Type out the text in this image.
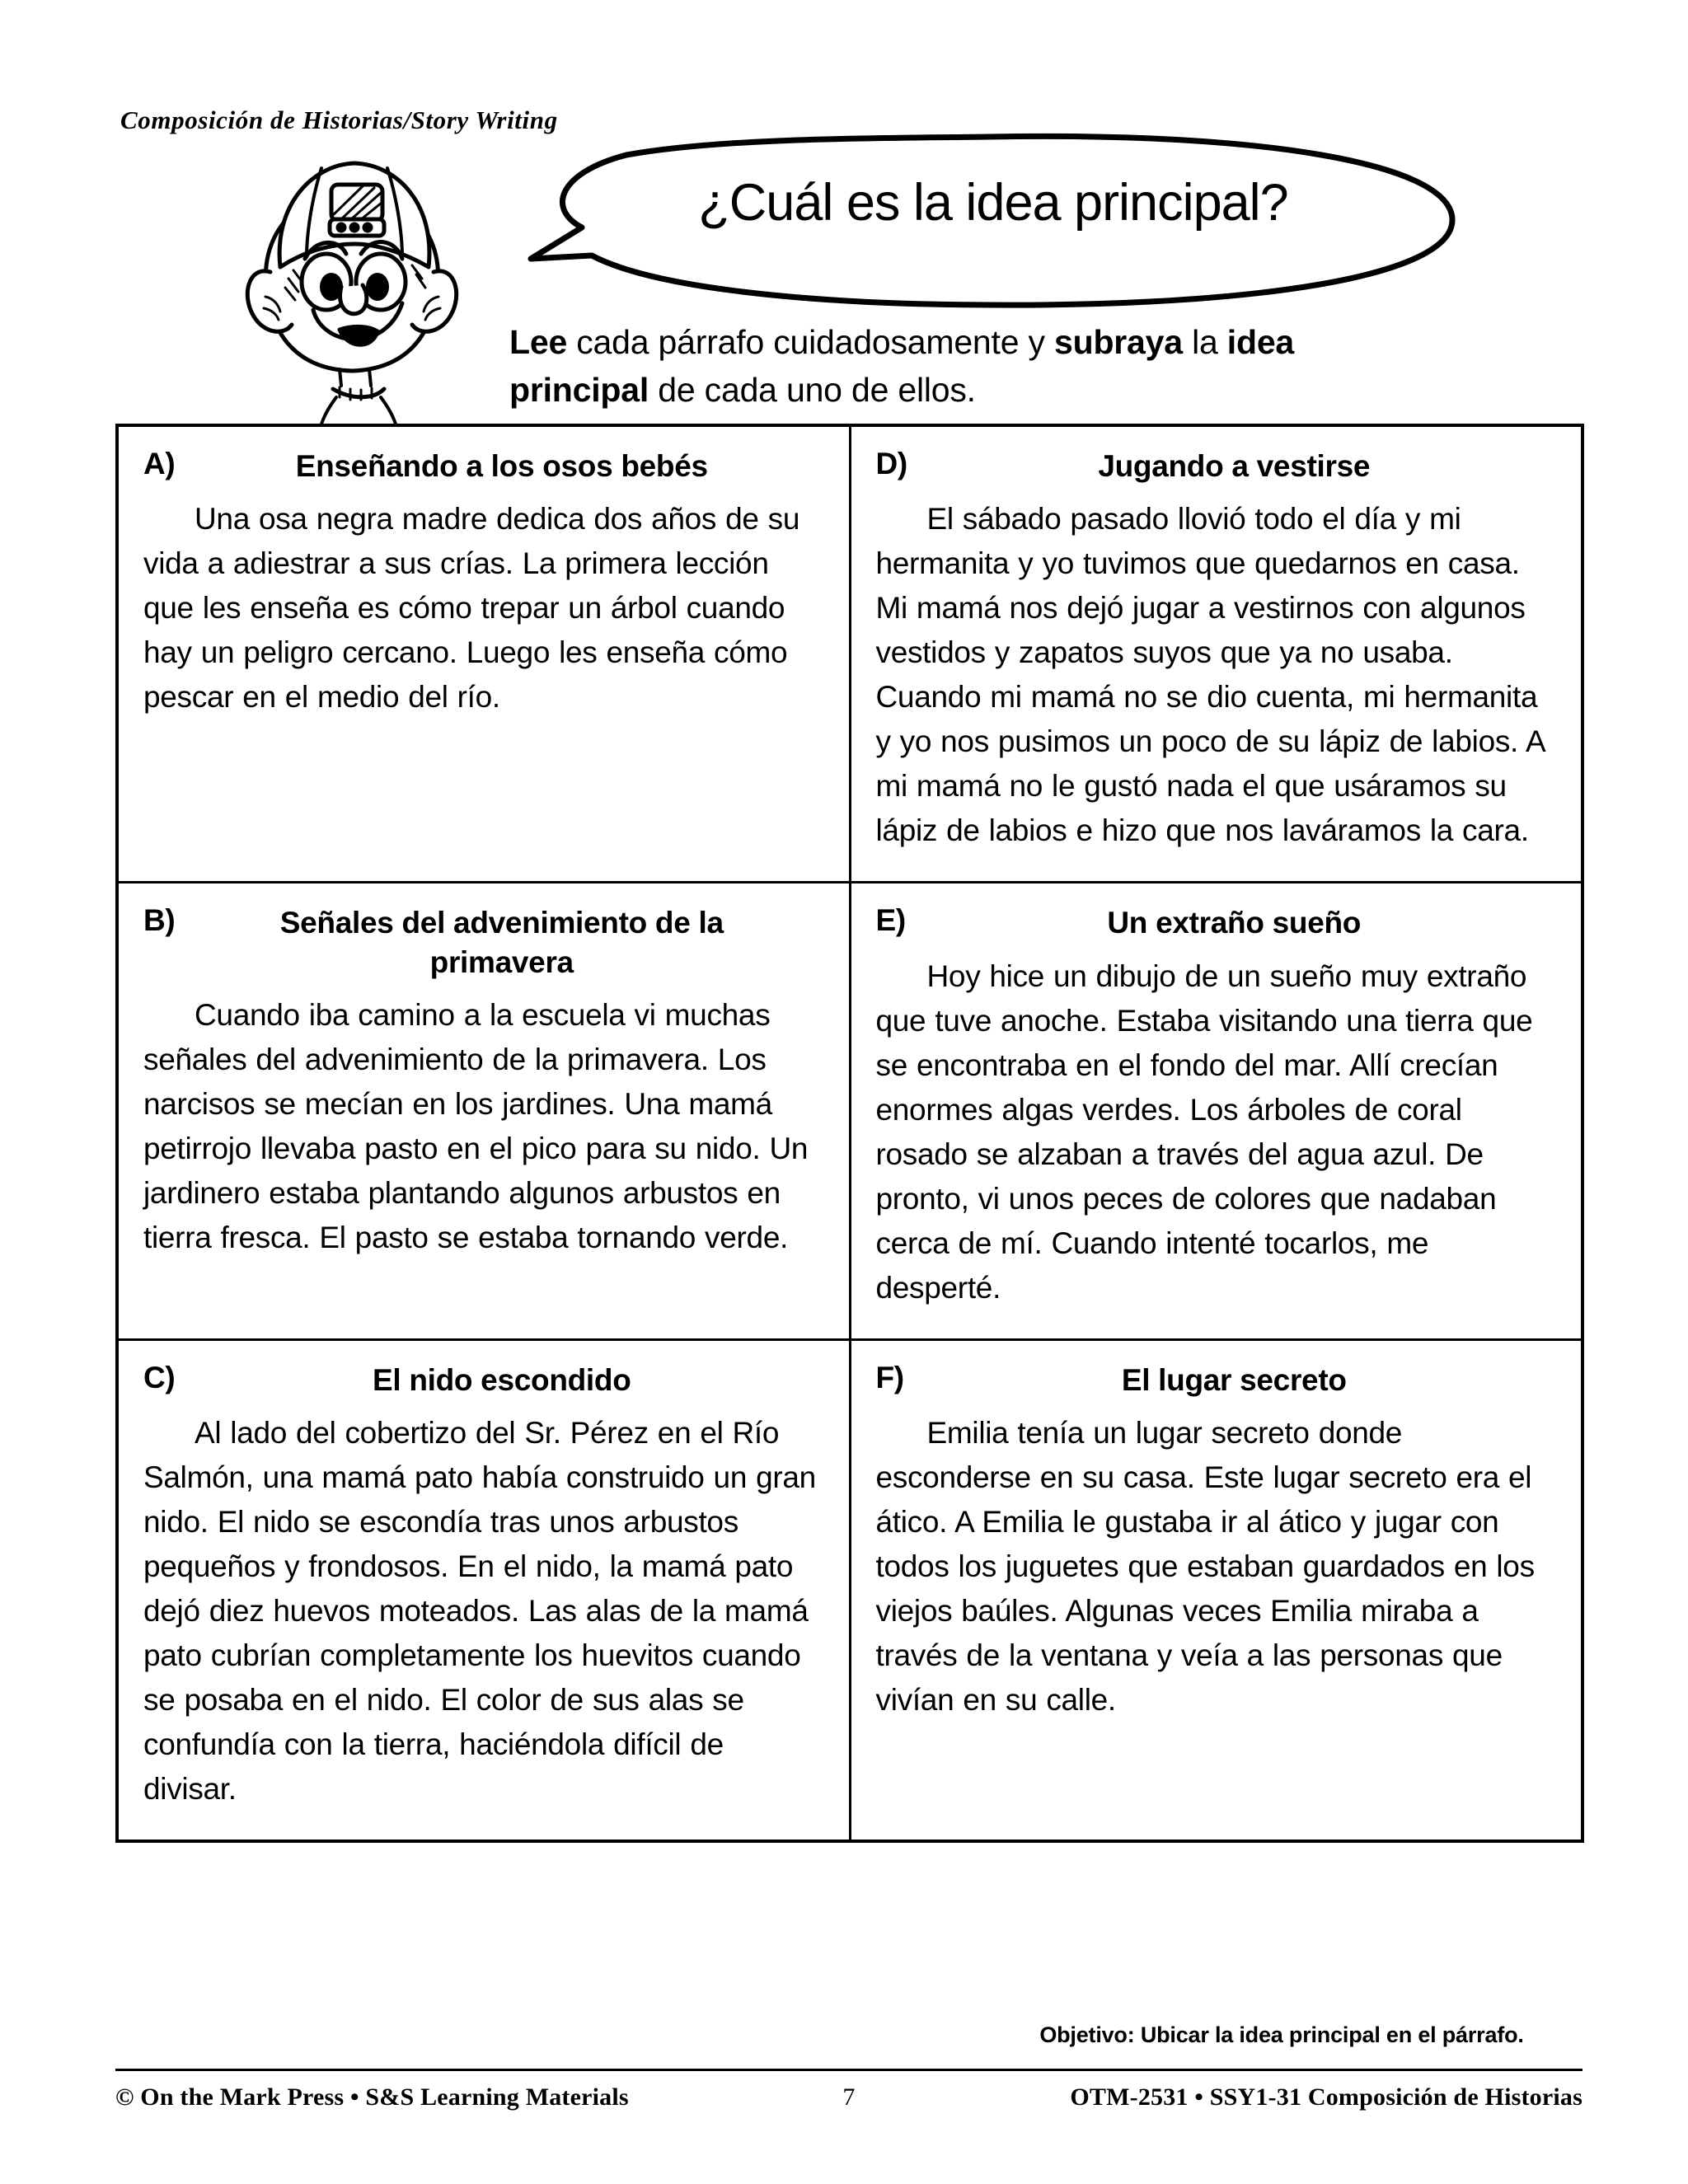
Composición de Historias/Story Writing
¿Cuál es la idea principal?
Lee cada párrafo cuidadosamente y subraya la idea principal de cada uno de ellos.
A)	Enseñando a los osos bebés
Una osa negra madre dedica dos años de su vida a adiestrar a sus crías. La primera lección que les enseña es cómo trepar un árbol cuando hay un peligro cercano. Luego les enseña cómo pescar en el medio del río.

D)	Jugando a vestirse
El sábado pasado llovió todo el día y mi hermanita y yo tuvimos que quedarnos en casa. Mi mamá nos dejó jugar a vestirnos con algunos vestidos y zapatos suyos que ya no usaba. Cuando mi mamá no se dio cuenta, mi hermanita y yo nos pusimos un poco de su lápiz de labios. A mi mamá no le gustó nada el que usáramos su lápiz de labios e hizo que nos laváramos la cara.

B)	Señales del advenimiento de la primavera
Cuando iba camino a la escuela vi muchas señales del advenimiento de la primavera. Los narcisos se mecían en los jardines. Una mamá petirrojo llevaba pasto en el pico para su nido. Un jardinero estaba plantando algunos arbustos en tierra fresca. El pasto se estaba tornando verde.

E)	Un extraño sueño
Hoy hice un dibujo de un sueño muy extraño que tuve anoche. Estaba visitando una tierra que se encontraba en el fondo del mar. Allí crecían enormes algas verdes. Los árboles de coral rosado se alzaban a través del agua azul. De pronto, vi unos peces de colores que nadaban cerca de mí. Cuando intenté tocarlos, me desperté.

C)	El nido escondido
Al lado del cobertizo del Sr. Pérez en el Río Salmón, una mamá pato había construido un gran nido. El nido se escondía tras unos arbustos pequeños y frondosos. En el nido, la mamá pato dejó diez huevos moteados. Las alas de la mamá pato cubrían completamente los huevitos cuando se posaba en el nido. El color de sus alas se confundía con la tierra, haciéndola difícil de divisar.

F)	El lugar secreto
Emilia tenía un lugar secreto donde esconderse en su casa. Este lugar secreto era el ático. A Emilia le gustaba ir al ático y jugar con todos los juguetes que estaban guardados en los viejos baúles. Algunas veces Emilia miraba a través de la ventana y veía a las personas que vivían en su calle.
Objetivo: Ubicar la idea principal en el párrafo.
© On the Mark Press • S&S Learning Materials	7	OTM-2531 • SSY1-31 Composición de Historias
